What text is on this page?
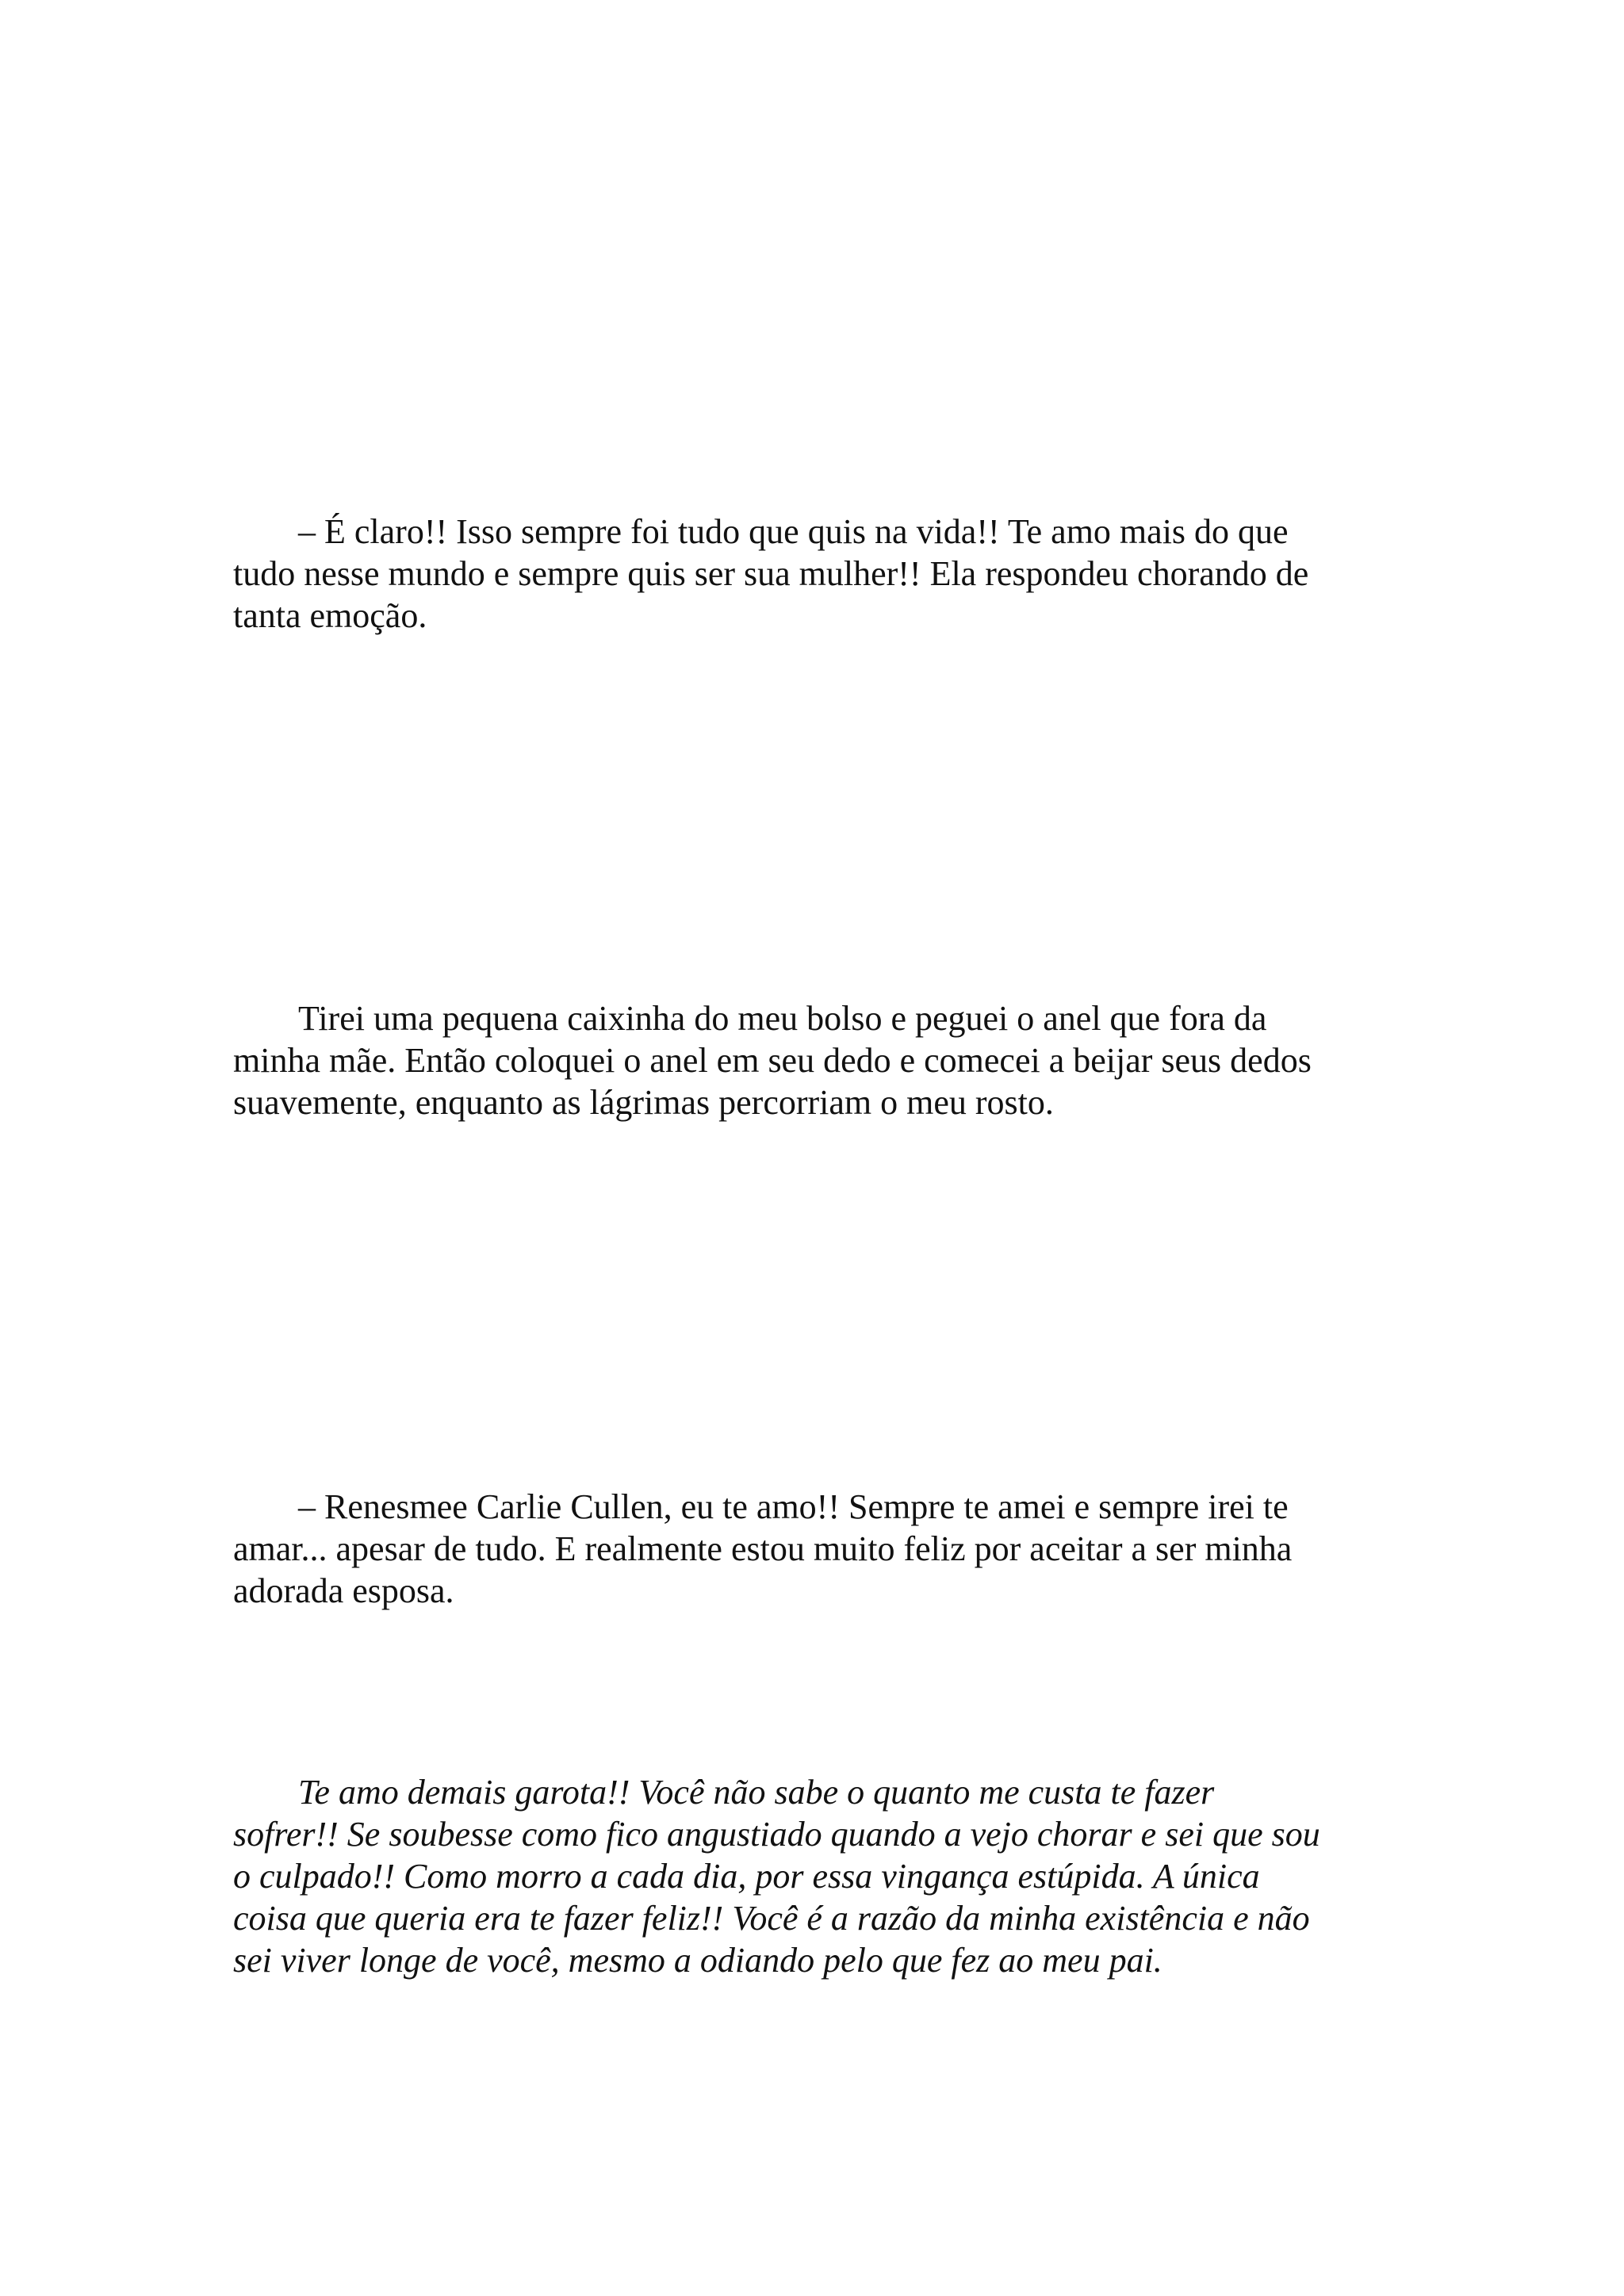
– É claro!! Isso sempre foi tudo que quis na vida!! Te amo mais do que
tudo nesse mundo e sempre quis ser sua mulher!! Ela respondeu chorando de
tanta emoção.

Tirei uma pequena caixinha do meu bolso e peguei o anel que fora da
minha mãe. Então coloquei o anel em seu dedo e comecei a beijar seus dedos
suavemente, enquanto as lágrimas percorriam o meu rosto.

– Renesmee Carlie Cullen, eu te amo!! Sempre te amei e sempre irei te
amar... apesar de tudo. E realmente estou muito feliz por aceitar a ser minha
adorada esposa.

Te amo demais garota!! Você não sabe o quanto me custa te fazer
sofrer!! Se soubesse como fico angustiado quando a vejo chorar e sei que sou
o culpado!! Como morro a cada dia, por essa vingança estúpida. A única
coisa que queria era te fazer feliz!! Você é a razão da minha existência e não
sei viver longe de você, mesmo a odiando pelo que fez ao meu pai.
